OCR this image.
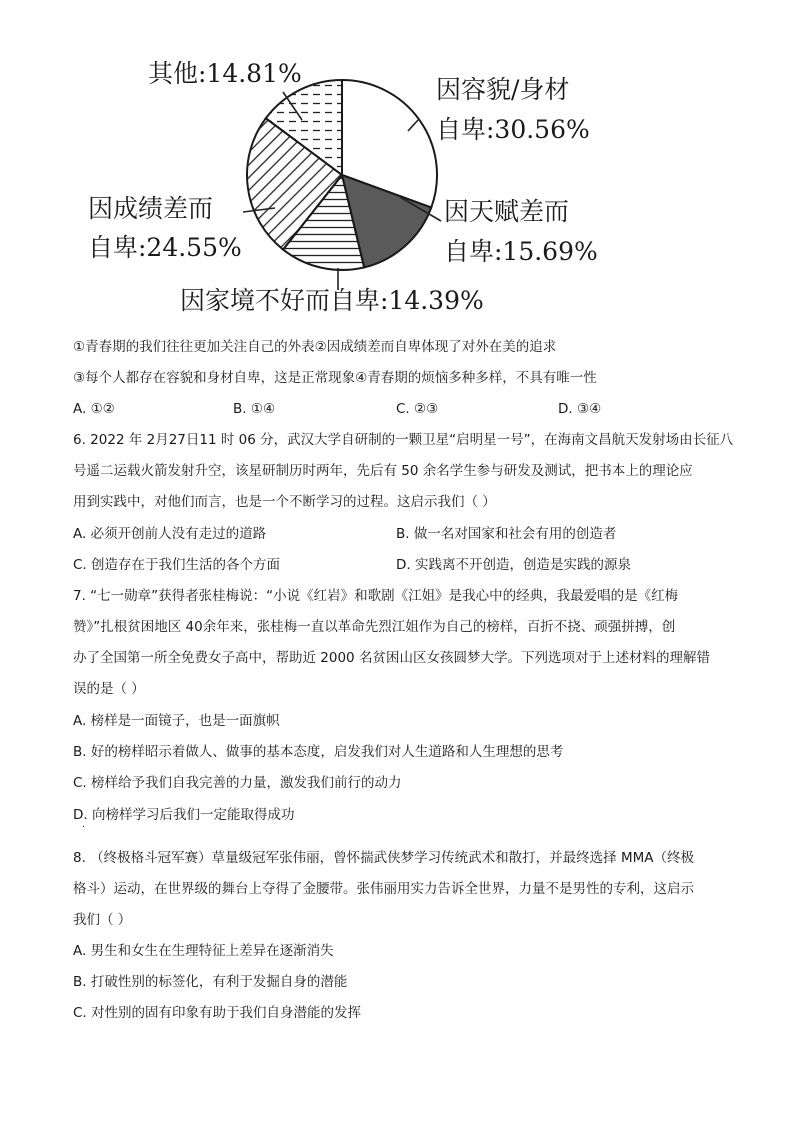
其他:14.81%
因容貌/身材
自卑:30.56%
因天赋差而
自卑:15.69%
因成绩差而
自卑:24.55%
因家境不好而自卑:14.39%
①青春期的我们往往更加关注自己的外表②因成绩差而自卑体现了对外在美的追求
③每个人都存在容貌和身材自卑，这是正常现象④青春期的烦恼多种多样，不具有唯一性
A. ①②	B. ①④	C. ②③	D. ③④
6. 2022 年 2月27日11 时 06 分，武汉大学自研制的一颗卫星“启明星一号”，在海南文昌航天发射场由长征八
号遥二运载火箭发射升空，该星研制历时两年，先后有 50 余名学生参与研发及测试，把书本上的理论应
用到实践中，对他们而言，也是一个不断学习的过程。这启示我们（ ）
A. 必须开创前人没有走过的道路	B. 做一名对国家和社会有用的创造者
C. 创造存在于我们生活的各个方面	D. 实践离不开创造，创造是实践的源泉
7. “七一勋章”获得者张桂梅说：“小说《红岩》和歌剧《江姐》是我心中的经典，我最爱唱的是《红梅
赞》”扎根贫困地区 40余年来，张桂梅一直以革命先烈江姐作为自己的榜样，百折不挠、顽强拼搏，创
办了全国第一所全免费女子高中，帮助近 2000 名贫困山区女孩圆梦大学。下列选项对于上述材料的理解错
误的是（ ）
A. 榜样是一面镜子，也是一面旗帜
B. 好的榜样昭示着做人、做事的基本态度，启发我们对人生道路和人生理想的思考
C. 榜样给予我们自我完善的力量，激发我们前行的动力
D. 向榜样学习后我们一定能取得成功
·
8. （终极格斗冠军赛）草量级冠军张伟丽，曾怀揣武侠梦学习传统武术和散打，并最终选择 MMA（终极
格斗）运动，在世界级的舞台上夺得了金腰带。张伟丽用实力告诉全世界，力量不是男性的专利，这启示
我们（ ）
A. 男生和女生在生理特征上差异在逐渐消失
B. 打破性别的标签化，有利于发掘自身的潜能
C. 对性别的固有印象有助于我们自身潜能的发挥
